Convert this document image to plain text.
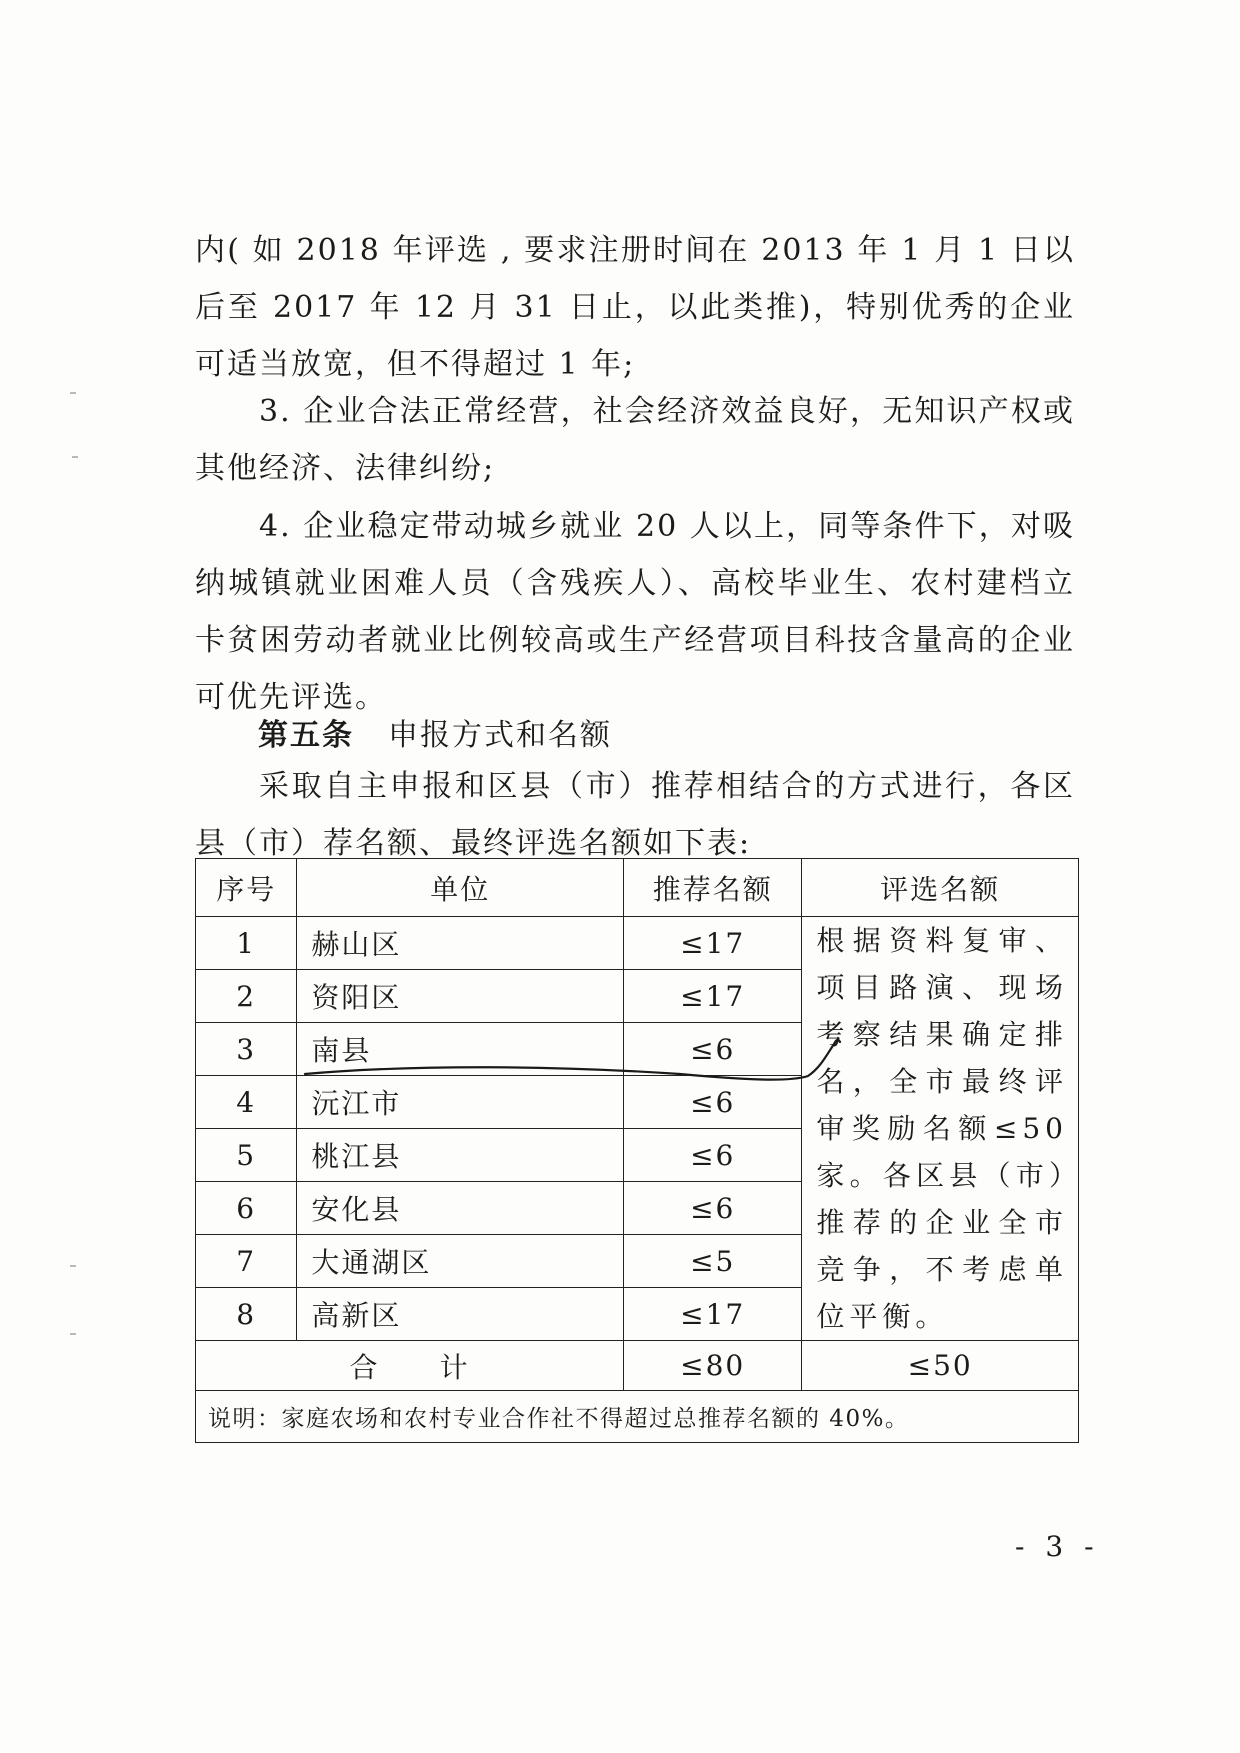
内( 如 2018 年评选 , 要求注册时间在 2013 年 1 月 1 日以后至 2017 年 12 月 31 日止，以此类推)，特别优秀的企业可适当放宽，但不得超过 1 年;

3. 企业合法正常经营，社会经济效益良好，无知识产权或其他经济、法律纠纷;

4. 企业稳定带动城乡就业 20 人以上，同等条件下，对吸纳城镇就业困难人员（含残疾人）、高校毕业生、农村建档立卡贫困劳动者就业比例较高或生产经营项目科技含量高的企业可优先评选。

第五条 申报方式和名额

采取自主申报和区县（市）推荐相结合的方式进行，各区县（市）荐名额、最终评选名额如下表:

序号	单位	推荐名额	评选名额
1	赫山区	≤17	根据资料复审、项目路演、现场考察结果确定排名，全市最终评审奖励名额≤50 家。各区县（市）推荐的企业全市竞争，不考虑单位平衡。
2	资阳区	≤17	
3	南县	≤6	
4	沅江市	≤6	
5	桃江县	≤6	
6	安化县	≤6	
7	大通湖区	≤5	
8	高新区	≤17	
合　　计		≤80	≤50
说明：家庭农场和农村专业合作社不得超过总推荐名额的 40%。			
- 3 -
